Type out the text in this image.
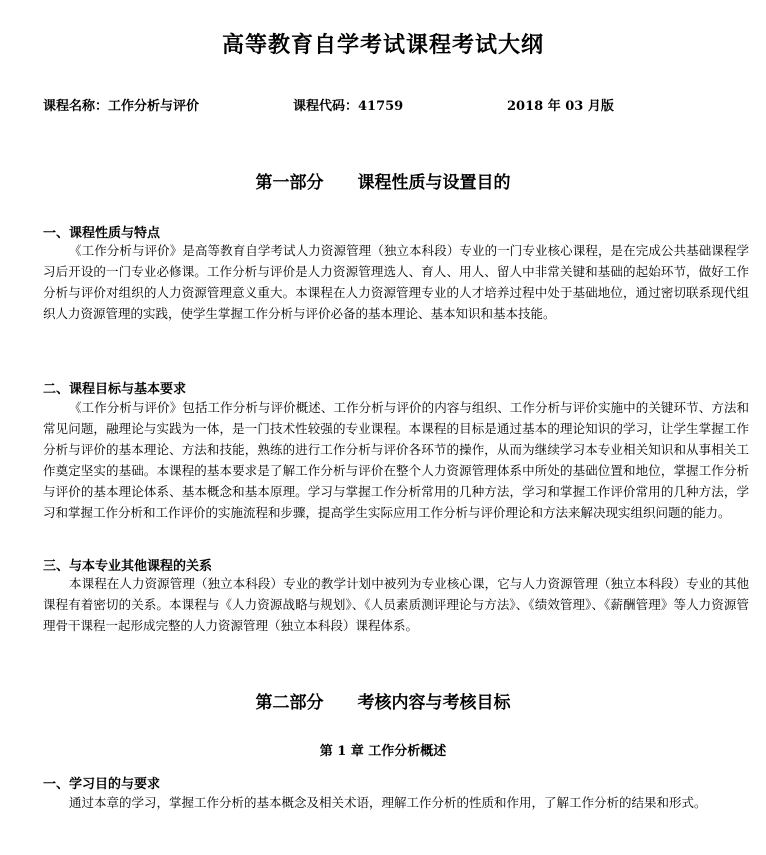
高等教育自学考试课程考试大纲
课程名称：工作分析与评价	课程代码：41759	2018 年 03 月版
第一部分　　课程性质与设置目的
一、课程性质与特点
《工作分析与评价》是高等教育自学考试人力资源管理（独立本科段）专业的一门专业核心课程，是在完成公共基础课程学习后开设的一门专业必修课。工作分析与评价是人力资源管理选人、育人、用人、留人中非常关键和基础的起始环节，做好工作分析与评价对组织的人力资源管理意义重大。本课程在人力资源管理专业的人才培养过程中处于基础地位，通过密切联系现代组织人力资源管理的实践，使学生掌握工作分析与评价必备的基本理论、基本知识和基本技能。
二、课程目标与基本要求
《工作分析与评价》包括工作分析与评价概述、工作分析与评价的内容与组织、工作分析与评价实施中的关键环节、方法和常见问题，融理论与实践为一体，是一门技术性较强的专业课程。本课程的目标是通过基本的理论知识的学习，让学生掌握工作分析与评价的基本理论、方法和技能，熟练的进行工作分析与评价各环节的操作，从而为继续学习本专业相关知识和从事相关工作奠定坚实的基础。本课程的基本要求是了解工作分析与评价在整个人力资源管理体系中所处的基础位置和地位，掌握工作分析与评价的基本理论体系、基本概念和基本原理。学习与掌握工作分析常用的几种方法，学习和掌握工作评价常用的几种方法，学习和掌握工作分析和工作评价的实施流程和步骤，提高学生实际应用工作分析与评价理论和方法来解决现实组织问题的能力。
三、与本专业其他课程的关系
本课程在人力资源管理（独立本科段）专业的教学计划中被列为专业核心课，它与人力资源管理（独立本科段）专业的其他课程有着密切的关系。本课程与《人力资源战略与规划》、《人员素质测评理论与方法》、《绩效管理》、《薪酬管理》等人力资源管理骨干课程一起形成完整的人力资源管理（独立本科段）课程体系。
第二部分　　考核内容与考核目标
第 1 章 工作分析概述
一、学习目的与要求
通过本章的学习，掌握工作分析的基本概念及相关术语，理解工作分析的性质和作用，了解工作分析的结果和形式。
